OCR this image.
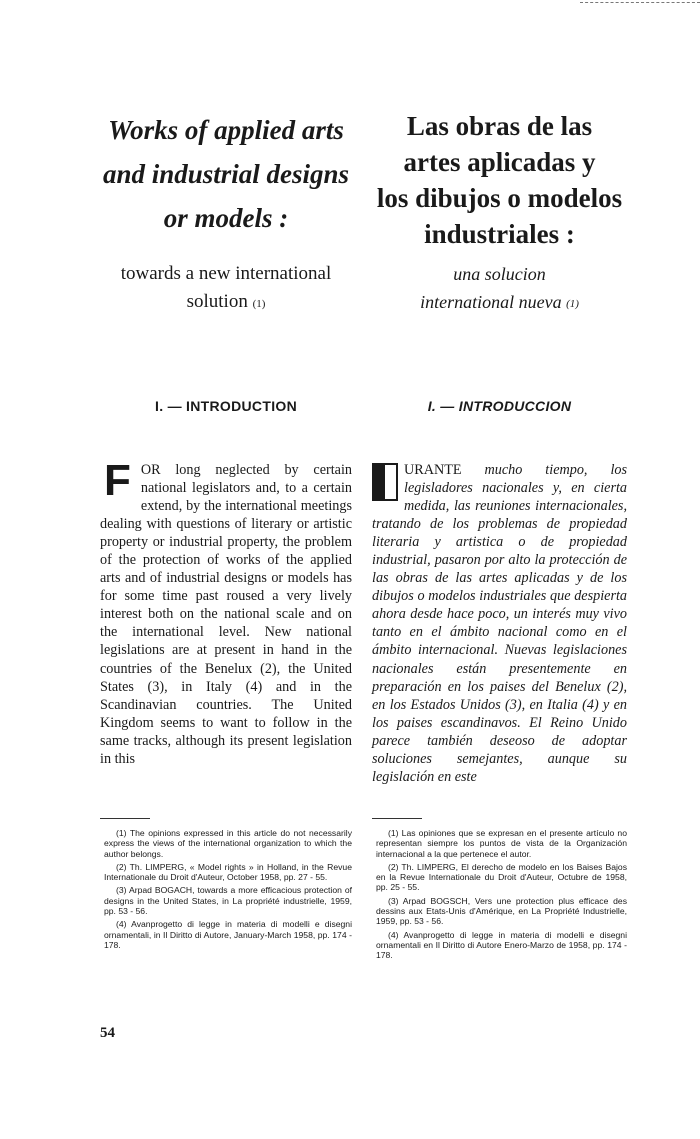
Works of applied arts
and industrial designs
or models :

towards a new international
solution $^{(1)}$

I. — INTRODUCTION

FOR long neglected by certain national legislators and, to a certain extend, by the international meetings dealing with questions of literary or artistic property or industrial property, the problem of the protection of works of the applied arts and of industrial designs or models has for some time past roused a very lively interest both on the national scale and on the international level. New national legislations are at present in hand in the countries of the Benelux (2), the United States (3), in Italy (4) and in the Scandinavian countries. The United Kingdom seems to want to follow in the same tracks, although its present legislation in this

(1) The opinions expressed in this article do not necessarily express the views of the international organization to which the author belongs.

(2) Th. LIMPERG, « Model rights » in Holland, in the Revue Internationale du Droit d'Auteur, October 1958, pp. 27 - 55.

(3) Arpad BOGACH, towards a more efficacious protection of designs in the United States, in La propriété industrielle, 1959, pp. 53 - 56.

(4) Avanprogetto di legge in materia di modelli e disegni ornamentali, in Il Diritto di Autore, January-March 1958, pp. 174 - 178.

Las obras de las
artes aplicadas y
los dibujos o modelos
industriales :

una solucion
international nueva $^{(1)}$

I. — INTRODUCCION

URANTE mucho tiempo, los legisladores nacionales y, en cierta medida, las reuniones internacionales, tratando de los problemas de propiedad literaria y artistica o de propiedad industrial, pasaron por alto la protección de las obras de las artes aplicadas y de los dibujos o modelos industriales que despierta ahora desde hace poco, un interés muy vivo tanto en el ámbito nacional como en el ámbito internacional. Nuevas legislaciones nacionales están presentemente en preparación en los paises del Benelux (2), en los Estados Unidos (3), en Italia (4) y en los paises escandinavos. El Reino Unido parece también deseoso de adoptar soluciones semejantes, aunque su legislación en este

(1) Las opiniones que se expresan en el presente artículo no representan siempre los puntos de vista de la Organización internacional a la que pertenece el autor.

(2) Th. LIMPERG, El derecho de modelo en los Baises Bajos en la Revue Internationale du Droit d'Auteur, Octubre de 1958, pp. 25 - 55.

(3) Arpad BOGSCH, Vers une protection plus efficace des dessins aux Etats-Unis d'Amérique, en La Propriété Industrielle, 1959, pp. 53 - 56.

(4) Avanprogetto di legge in materia di modelli e disegni ornamentali en Il Diritto di Autore Enero-Marzo de 1958, pp. 174 - 178.

54
